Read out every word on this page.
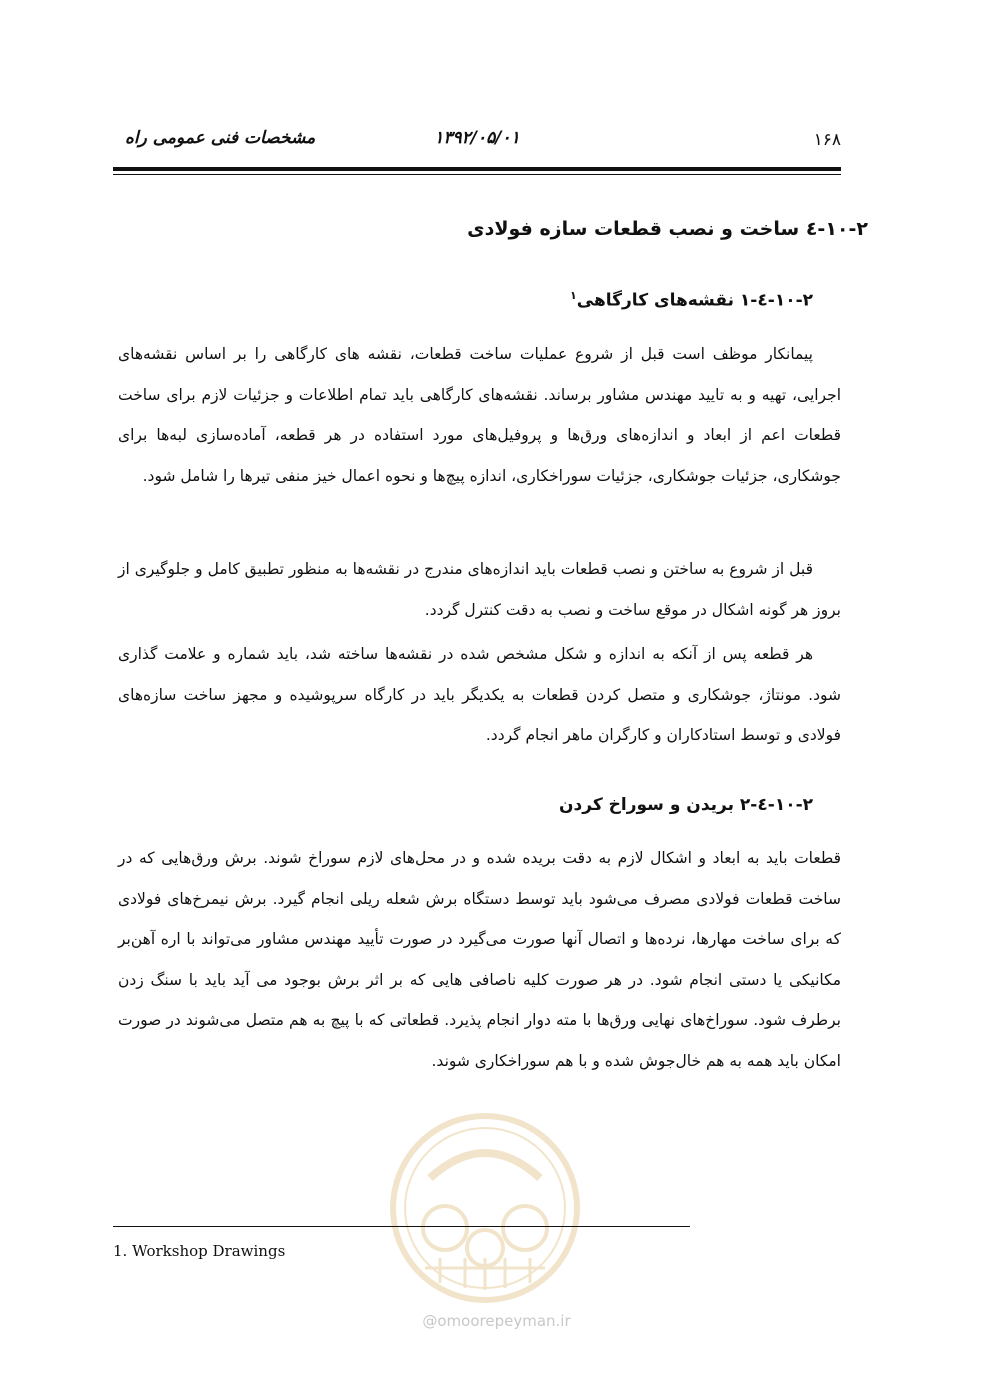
۱۶۸
۱۳۹۲/۰۵/۰۱
مشخصات فنی عمومی راه
۱۰-۲-٤ ساخت و نصب قطعات سازه فولادی
۱۰-۲-٤-۱ نقشه‌های کارگاهی$^۱$

پیمانکار موظف است قبل از شروع عملیات ساخت قطعات، نقشه های کارگاهی را بر اساس نقشه‌های اجرایی، تهیه و به تایید مهندس مشاور برساند. نقشه‌های کارگاهی باید تمام اطلاعات و جزئیات لازم برای ساخت قطعات اعم از ابعاد و اندازه‌های ورق‌ها و پروفیل‌های مورد استفاده در هر قطعه، آماده‌سازی لبه‌ها برای جوشکاری، جزئیات جوشکاری، جزئیات سوراخکاری، اندازه پیچ‌ها و نحوه اعمال خیز منفی تیرها را شامل شود.

قبل از شروع به ساختن و نصب قطعات باید اندازه‌های مندرج در نقشه‌ها به منظور تطبیق کامل و جلوگیری از بروز هر گونه اشکال در موقع ساخت و نصب به دقت کنترل گردد.

هر قطعه پس از آنکه به اندازه و شکل مشخص شده در نقشه‌ها ساخته شد، باید شماره و علامت گذاری شود. مونتاژ، جوشکاری و متصل کردن قطعات به یکدیگر باید در کارگاه سرپوشیده و مجهز ساخت سازه‌های فولادی و توسط استادکاران و کارگران ماهر انجام گردد.

۱۰-۲-٤-۲ بریدن و سوراخ کردن

قطعات باید به ابعاد و اشکال لازم به دقت بریده شده و در محل‌های لازم سوراخ شوند. برش ورق‌هایی که در ساخت قطعات فولادی مصرف می‌شود باید توسط دستگاه برش شعله ریلی انجام گیرد. برش نیمرخ‌های فولادی که برای ساخت مهارها، نرده‌ها و اتصال آنها صورت می‌گیرد در صورت تأیید مهندس مشاور می‌تواند با اره آهن‌بر مکانیکی یا دستی انجام شود. در هر صورت کلیه ناصافی هایی که بر اثر برش بوجود می آید باید با سنگ زدن برطرف شود. سوراخ‌های نهایی ورق‌ها با مته دوار انجام پذیرد. قطعاتی که با پیچ به هم متصل می‌شوند در صورت امکان باید همه به هم خال‌جوش شده و با هم سوراخکاری شوند.

1. Workshop Drawings
@omoorepeyman.ir
